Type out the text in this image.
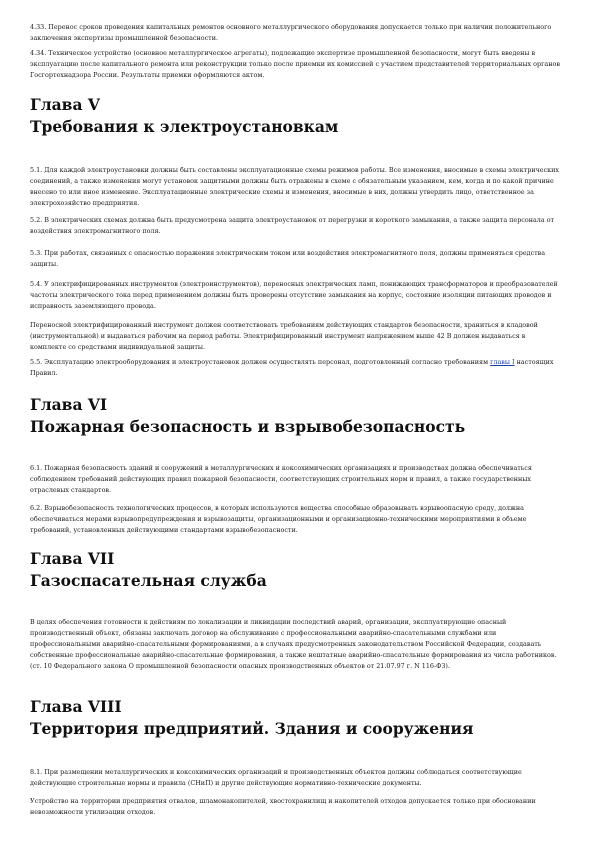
4.33. Перенос сроков проведения капитальных ремонтов основного металлургического оборудования допускается только при наличии положительного заключения экспертизы промышленной безопасности.

4.34. Техническое устройство (основное металлургическое агрегаты), подлежащие экспертизе промышленной безопасности, могут быть введены в эксплуатацию после капитального ремонта или реконструкции только после приемки их комиссией с участием представителей территориальных органов Госгортехнадзора России. Результаты приемки оформляются актом.

Глава V
Требования к электроустановкам

5.1. Для каждой электроустановки должны быть составлены эксплуатационные схемы режимов работы. Все изменения, вносимые в схемы электрических соединений, а также изменения могут установок защитными должны быть отражены в схеме с обязательным указанием, кем, когда и по какой причине внесено то или иное изменение. Эксплуатационные электрические схемы и изменения, вносимые в них, должны утвердить лицо, ответственное за электрохозяйство предприятия.

5.2. В электрических схемах должна быть предусмотрена защита электроустановок от перегрузки и короткого замыкания, а также защита персонала от воздействия электромагнитного поля.

5.3. При работах, связанных с опасностью поражения электрическим током или воздействия электромагнитного поля, должны применяться средства защиты.

5.4. У электрифицированных инструментов (электроинструментов), переносных электрических ламп, понижающих трансформаторов и преобразователей частоты электрического тока перед применением должны быть проверены отсутствие замыкания на корпус, состояние изоляции питающих проводов и исправность заземляющего провода.

Переносной электрифицированный инструмент должен соответствовать требованиям действующих стандартов безопасности, храниться в кладовой (инструментальной) и выдаваться рабочим на период работы. Электрифицированный инструмент напряжением выше 42 В должен выдаваться в комплекте со средствами индивидуальной защиты.

5.5. Эксплуатацию электрооборудования и электроустановок должен осуществлять персонал, подготовленный согласно требованиям главы I настоящих Правил.

Глава VI
Пожарная безопасность и взрывобезопасность

6.1. Пожарная безопасность зданий и сооружений в металлургических и коксохимических организациях и производствах должна обеспечиваться соблюдением требований действующих правил пожарной безопасности, соответствующих строительных норм и правил, а также государственных отраслевых стандартов.

6.2. Взрывобезопасность технологических процессов, в которых используются вещества способные образовывать взрывоопасную среду, должна обеспечиваться мерами взрывопредупреждения и взрывозащиты, организационными и организационно-техническими мероприятиями в объеме требований, установленных действующими стандартами взрывобезопасности.

Глава VII
Газоспасательная служба

В целях обеспечения готовности к действиям по локализации и ликвидации последствий аварий, организации, эксплуатирующие опасный производственный объект, обязаны заключать договор на обслуживание с профессиональными аварийно-спасательными службами или профессиональными аварийно-спасательными формированиями, а в случаях предусмотренных законодательством Российской Федерации, создавать собственные профессиональные аварийно-спасательные формирования, а также нештатные аварийно-спасательные формирования из числа работников. (ст. 10 Федерального закона О промышленной безопасности опасных производственных объектов от 21.07.97 г. N 116-ФЗ).

Глава VIII
Территория предприятий. Здания и сооружения

8.1. При размещении металлургических и коксохимических организаций и производственных объектов должны соблюдаться соответствующие действующие строительные нормы и правила (СНиП) и другие действующие нормативно-технические документы.

Устройство на территории предприятия отвалов, шламонакопителей, хвостохранилищ и накопителей отходов допускается только при обосновании невозможности утилизации отходов.
